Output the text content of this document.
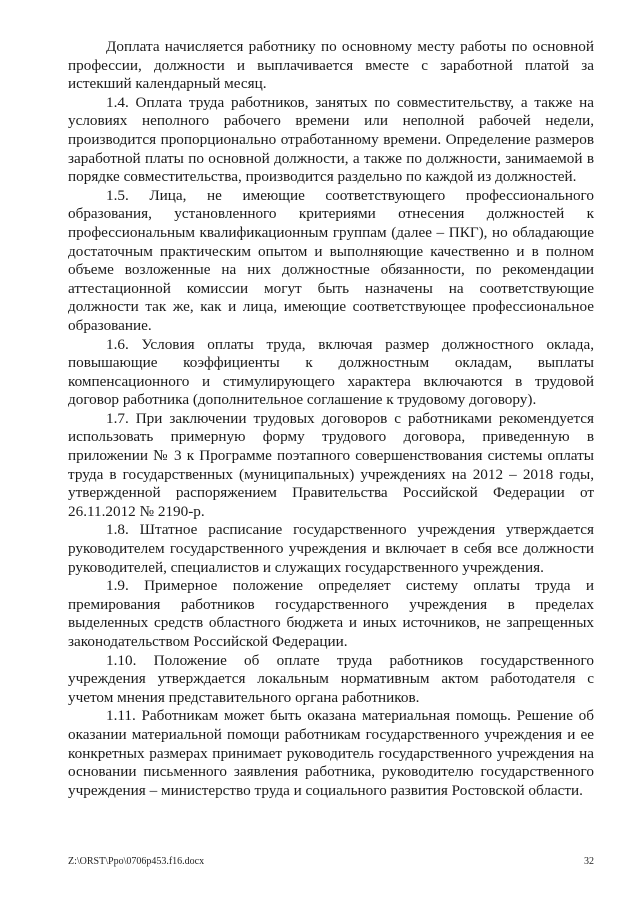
Доплата начисляется работнику по основному месту работы по основной профессии, должности и выплачивается вместе с заработной платой за истекший календарный месяц.

1.4. Оплата труда работников, занятых по совместительству, а также на условиях неполного рабочего времени или неполной рабочей недели, производится пропорционально отработанному времени. Определение размеров заработной платы по основной должности, а также по должности, занимаемой в порядке совместительства, производится раздельно по каждой из должностей.

1.5. Лица, не имеющие соответствующего профессионального образования, установленного критериями отнесения должностей к профессиональным квалификационным группам (далее – ПКГ), но обладающие достаточным практическим опытом и выполняющие качественно и в полном объеме возложенные на них должностные обязанности, по рекомендации аттестационной комиссии могут быть назначены на соответствующие должности так же, как и лица, имеющие соответствующее профессиональное образование.

1.6. Условия оплаты труда, включая размер должностного оклада, повышающие коэффициенты к должностным окладам, выплаты компенсационного и стимулирующего характера включаются в трудовой договор работника (дополнительное соглашение к трудовому договору).

1.7. При заключении трудовых договоров с работниками рекомендуется использовать примерную форму трудового договора, приведенную в приложении № 3 к Программе поэтапного совершенствования системы оплаты труда в государственных (муниципальных) учреждениях на 2012 – 2018 годы, утвержденной распоряжением Правительства Российской Федерации от 26.11.2012 № 2190-р.

1.8. Штатное расписание государственного учреждения утверждается руководителем государственного учреждения и включает в себя все должности руководителей, специалистов и служащих государственного учреждения.

1.9. Примерное положение определяет систему оплаты труда и премирования работников государственного учреждения в пределах выделенных средств областного бюджета и иных источников, не запрещенных законодательством Российской Федерации.

1.10. Положение об оплате труда работников государственного учреждения утверждается локальным нормативным актом работодателя с учетом мнения представительного органа работников.

1.11. Работникам может быть оказана материальная помощь. Решение об оказании материальной помощи работникам государственного учреждения и ее конкретных размерах принимает руководитель государственного учреждения на основании письменного заявления работника, руководителю государственного учреждения – министерство труда и социального развития Ростовской области.

Z:\ORST\Ppo\0706p453.f16.docx	32
